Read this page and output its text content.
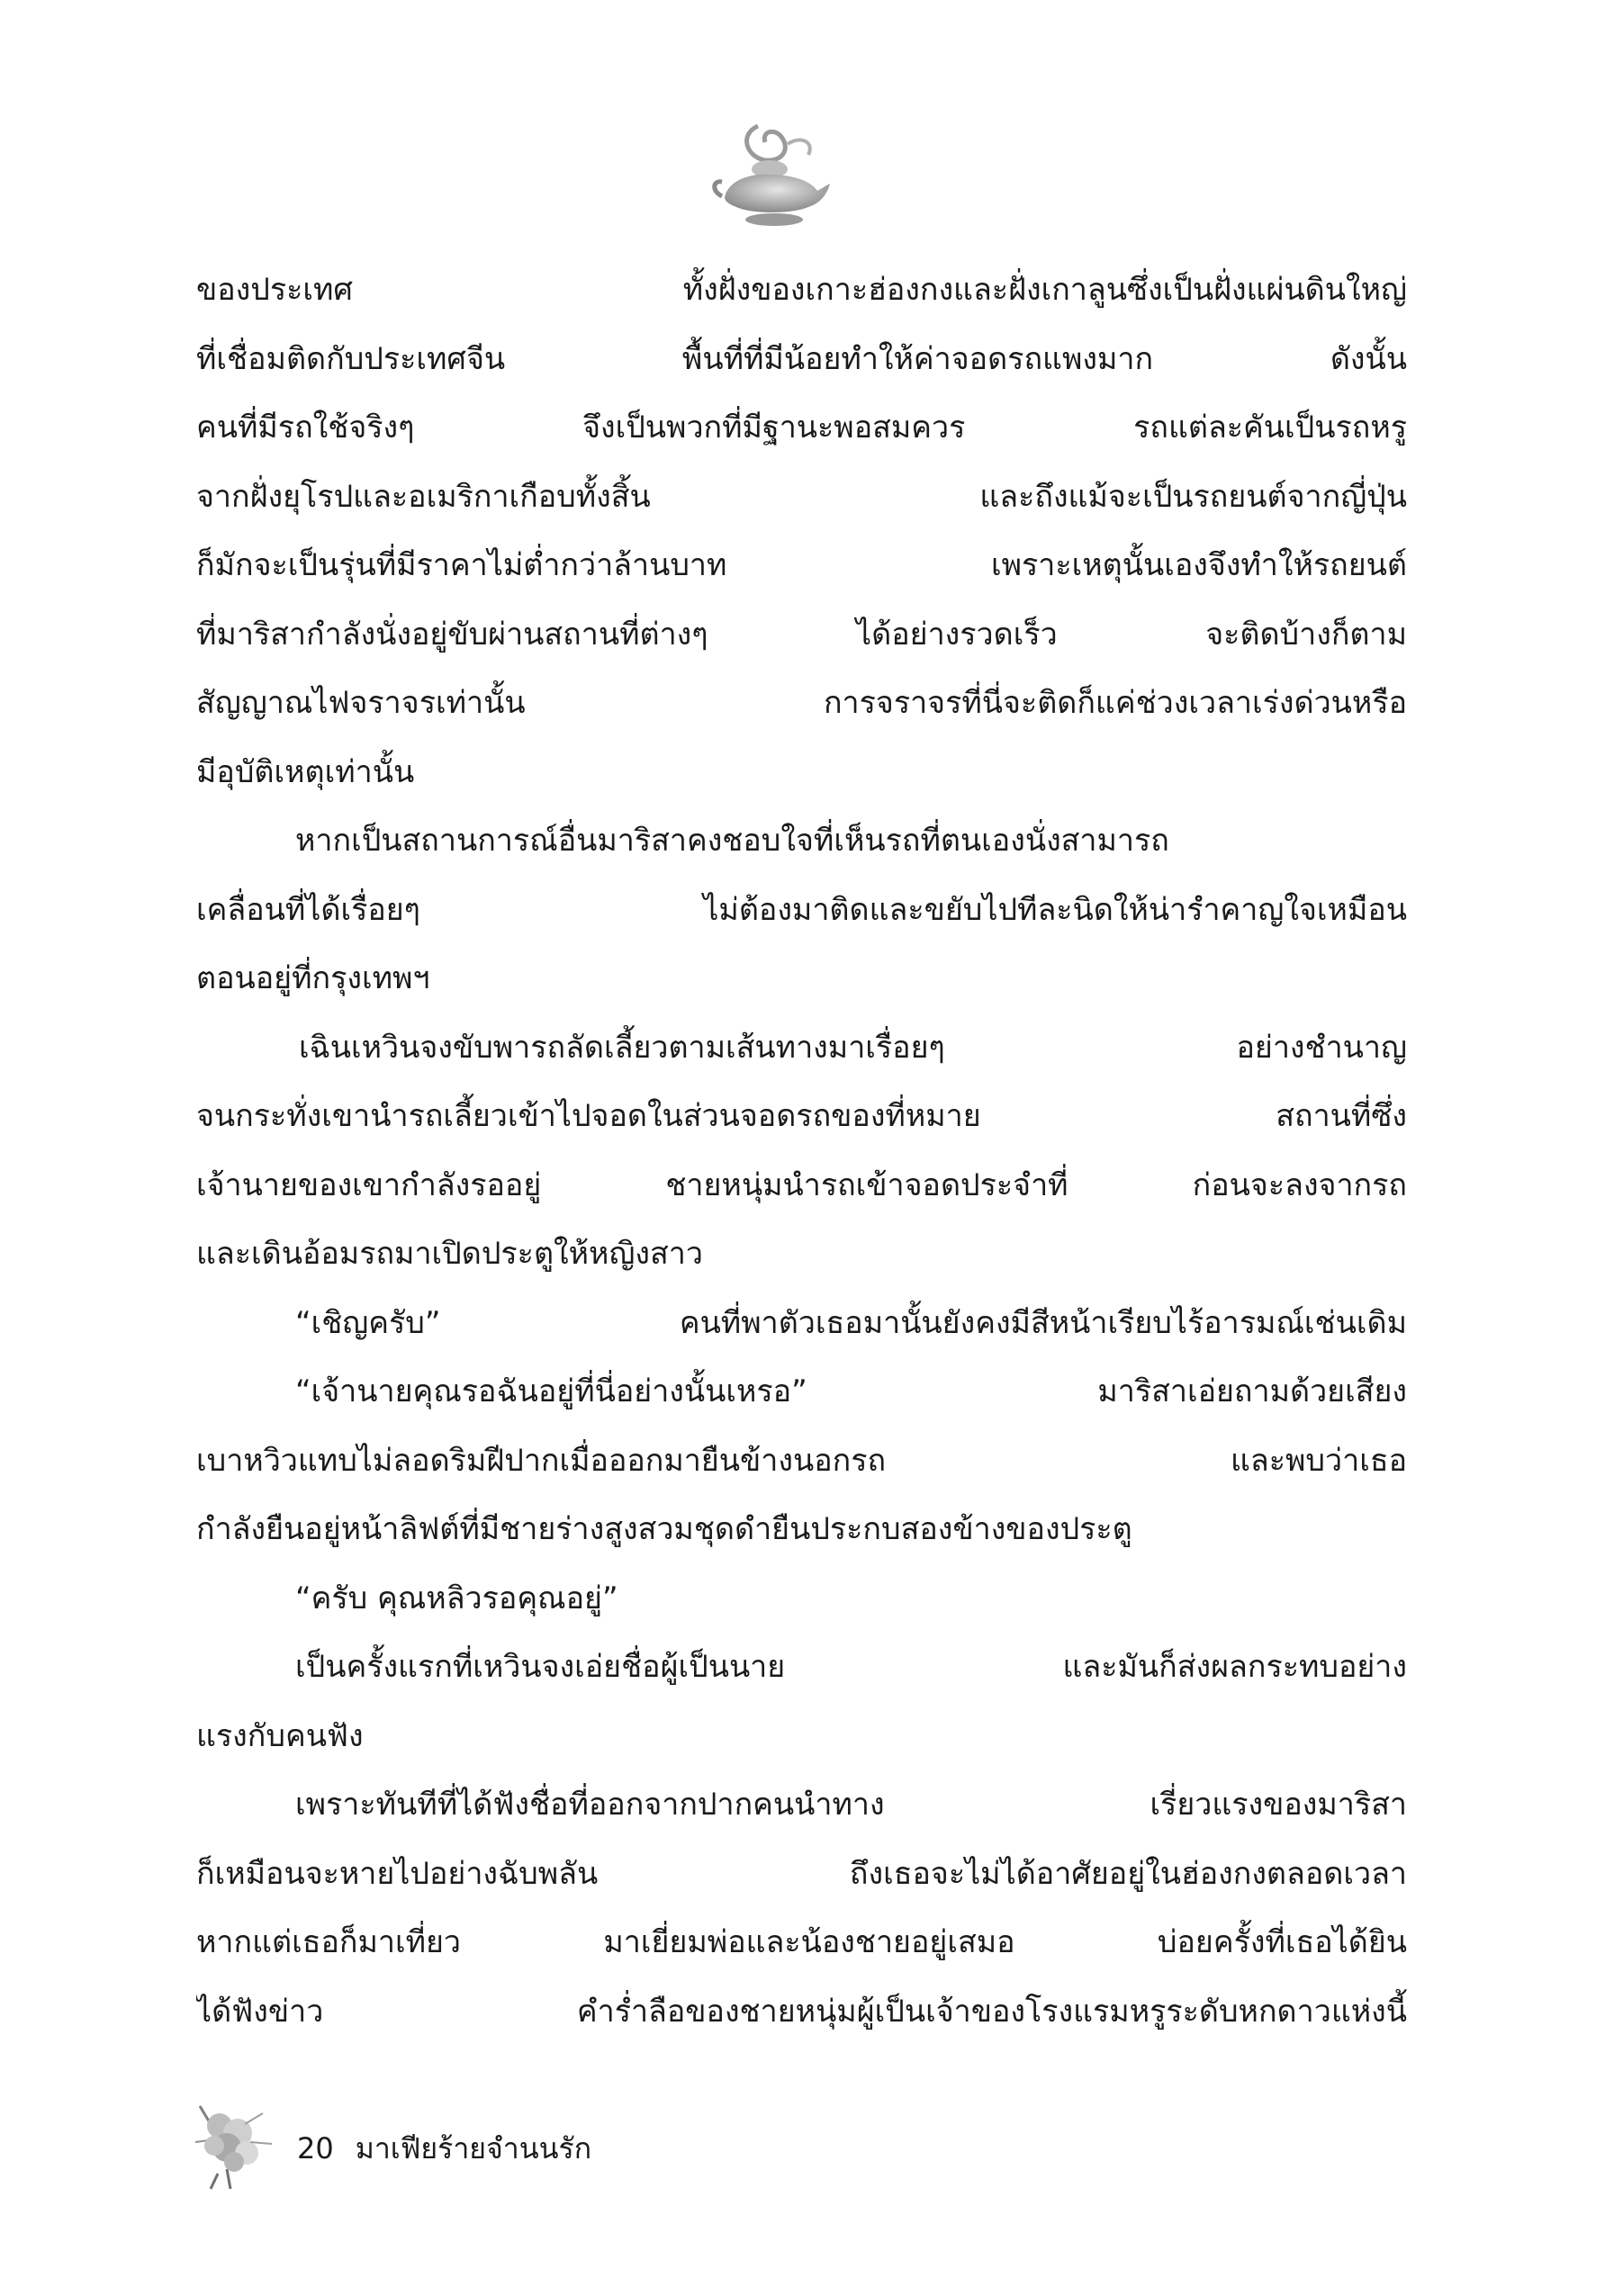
ของประเทศ ทั้งฝั่งของเกาะฮ่องกงและฝั่งเกาลูนซึ่งเป็นฝั่งแผ่นดินใหญ่
ที่เชื่อมติดกับประเทศจีน พื้นที่ที่มีน้อยทำให้ค่าจอดรถแพงมาก ดังนั้น
คนที่มีรถใช้จริงๆ จึงเป็นพวกที่มีฐานะพอสมควร รถแต่ละคันเป็นรถหรู
จากฝั่งยุโรปและอเมริกาเกือบทั้งสิ้น และถึงแม้จะเป็นรถยนต์จากญี่ปุ่น
ก็มักจะเป็นรุ่นที่มีราคาไม่ต่ำกว่าล้านบาท เพราะเหตุนั้นเองจึงทำให้รถยนต์
ที่มาริสากำลังนั่งอยู่ขับผ่านสถานที่ต่างๆ ได้อย่างรวดเร็ว จะติดบ้างก็ตาม
สัญญาณไฟจราจรเท่านั้น การจราจรที่นี่จะติดก็แค่ช่วงเวลาเร่งด่วนหรือ
มีอุบัติเหตุเท่านั้น
หากเป็นสถานการณ์อื่นมาริสาคงชอบใจที่เห็นรถที่ตนเองนั่งสามารถ
เคลื่อนที่ได้เรื่อยๆ ไม่ต้องมาติดและขยับไปทีละนิดให้น่ารำคาญใจเหมือน
ตอนอยู่ที่กรุงเทพฯ
เฉินเหวินจงขับพารถลัดเลี้ยวตามเส้นทางมาเรื่อยๆ อย่างชำนาญ
จนกระทั่งเขานำรถเลี้ยวเข้าไปจอดในส่วนจอดรถของที่หมาย สถานที่ซึ่ง
เจ้านายของเขากำลังรออยู่ ชายหนุ่มนำรถเข้าจอดประจำที่ ก่อนจะลงจากรถ
และเดินอ้อมรถมาเปิดประตูให้หญิงสาว
“เชิญครับ” คนที่พาตัวเธอมานั้นยังคงมีสีหน้าเรียบไร้อารมณ์เช่นเดิม
“เจ้านายคุณรอฉันอยู่ที่นี่อย่างนั้นเหรอ” มาริสาเอ่ยถามด้วยเสียง
เบาหวิวแทบไม่ลอดริมฝีปากเมื่อออกมายืนข้างนอกรถ และพบว่าเธอ
กำลังยืนอยู่หน้าลิฟต์ที่มีชายร่างสูงสวมชุดดำยืนประกบสองข้างของประตู
“ครับ คุณหลิวรอคุณอยู่”
เป็นครั้งแรกที่เหวินจงเอ่ยชื่อผู้เป็นนาย และมันก็ส่งผลกระทบอย่าง
แรงกับคนฟัง
เพราะทันทีที่ได้ฟังชื่อที่ออกจากปากคนนำทาง เรี่ยวแรงของมาริสา
ก็เหมือนจะหายไปอย่างฉับพลัน ถึงเธอจะไม่ได้อาศัยอยู่ในฮ่องกงตลอดเวลา
หากแต่เธอก็มาเที่ยว มาเยี่ยมพ่อและน้องชายอยู่เสมอ บ่อยครั้งที่เธอได้ยิน
ได้ฟังข่าว คำร่ำลือของชายหนุ่มผู้เป็นเจ้าของโรงแรมหรูระดับหกดาวแห่งนี้
20 มาเฟียร้ายจำนนรัก
